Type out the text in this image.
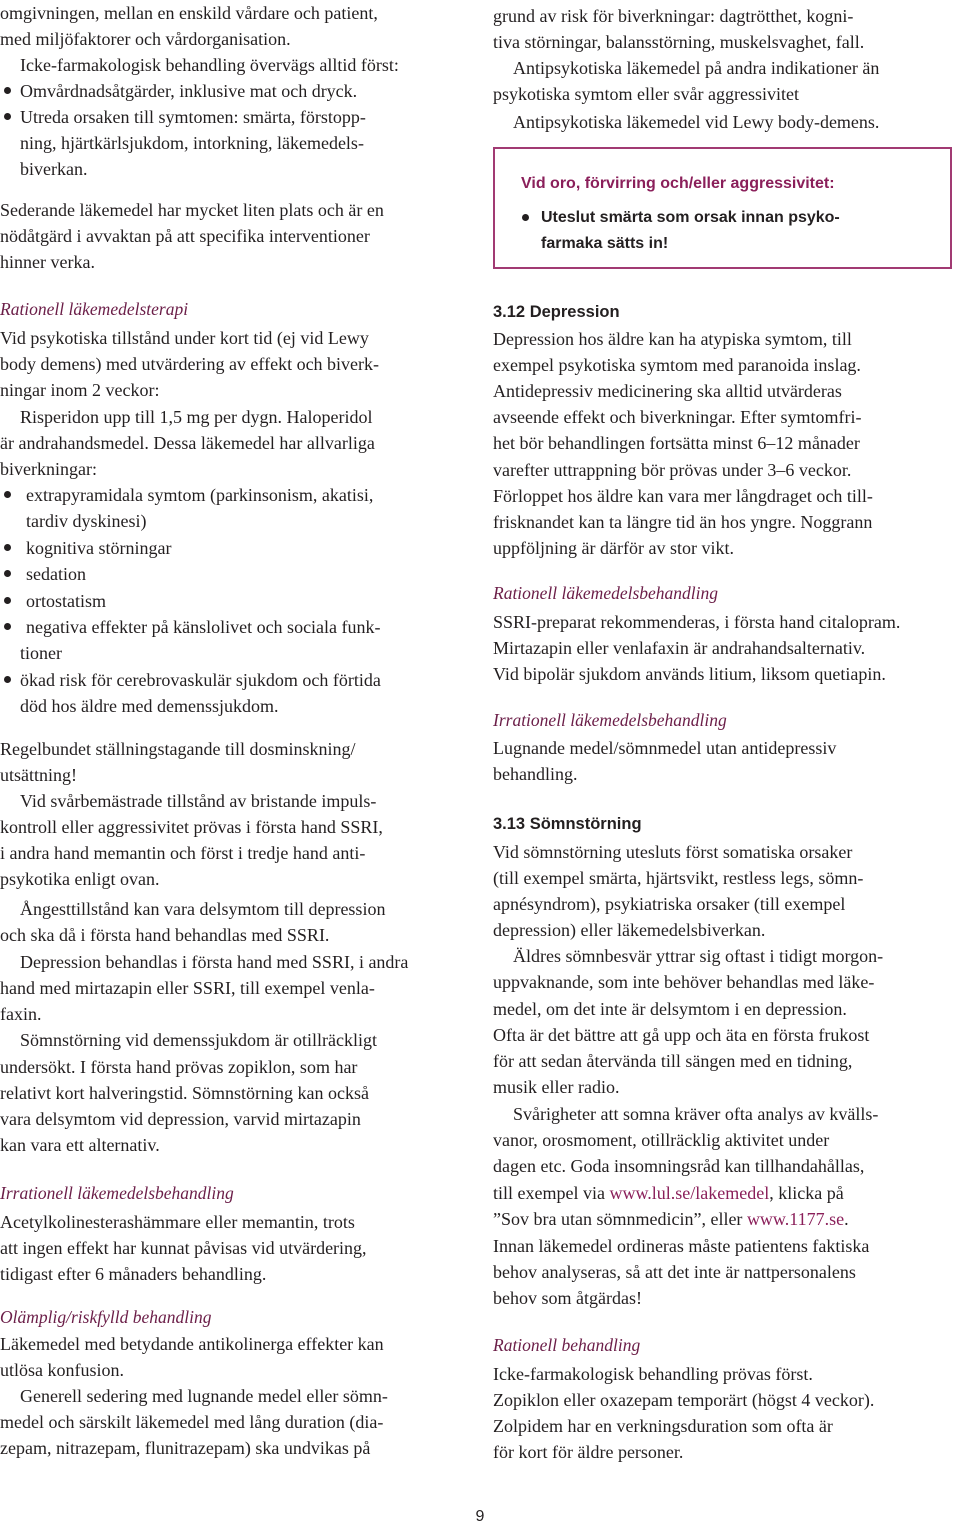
omgivningen, mellan en enskild vårdare och patient,
med miljöfaktorer och vårdorganisation.
Icke-farmakologisk behandling övervägs alltid först:
Omvårdnadsåtgärder, inklusive mat och dryck.
Utreda orsaken till symtomen: smärta, förstopp-
ning, hjärtkärlsjukdom, intorkning, läkemedels-
biverkan.
Sederande läkemedel har mycket liten plats och är en
nödåtgärd i avvaktan på att specifika interventioner
hinner verka.
Rationell läkemedelsterapi
Vid psykotiska tillstånd under kort tid (ej vid Lewy
body demens) med utvärdering av effekt och biverk-
ningar inom 2 veckor:
Risperidon upp till 1,5 mg per dygn. Haloperidol
är andrahandsmedel. Dessa läkemedel har allvarliga
biverkningar:
extrapyramidala symtom (parkinsonism, akatisi,
tardiv dyskinesi)
kognitiva störningar
sedation
ortostatism
negativa effekter på känslolivet och sociala funk-
tioner
ökad risk för cerebrovaskulär sjukdom och förtida
död hos äldre med demenssjukdom.
Regelbundet ställningstagande till dosminskning/
utsättning!
Vid svårbemästrade tillstånd av bristande impuls-
kontroll eller aggressivitet prövas i första hand SSRI,
i andra hand memantin och först i tredje hand anti-
psykotika enligt ovan.
Ångesttillstånd kan vara delsymtom till depression
och ska då i första hand behandlas med SSRI.
Depression behandlas i första hand med SSRI, i andra
hand med mirtazapin eller SSRI, till exempel venla-
faxin.
Sömnstörning vid demenssjukdom är otillräckligt
undersökt. I första hand prövas zopiklon, som har
relativt kort halveringstid. Sömnstörning kan också
vara delsymtom vid depression, varvid mirtazapin
kan vara ett alternativ.
Irrationell läkemedelsbehandling
Acetylkolinesterashämmare eller memantin, trots
att ingen effekt har kunnat påvisas vid utvärdering,
tidigast efter 6 månaders behandling.
Olämplig/riskfylld behandling
Läkemedel med betydande antikolinerga effekter kan
utlösa konfusion.
Generell sedering med lugnande medel eller sömn-
medel och särskilt läkemedel med lång duration (dia-
zepam, nitrazepam, flunitrazepam) ska undvikas på
grund av risk för biverkningar: dagtrötthet, kogni-
tiva störningar, balansstörning, muskelsvaghet, fall.
Antipsykotiska läkemedel på andra indikationer än
psykotiska symtom eller svår aggressivitet
Antipsykotiska läkemedel vid Lewy body-demens.
3.12 Depression
Depression hos äldre kan ha atypiska symtom, till
exempel psykotiska symtom med paranoida inslag.
Antidepressiv medicinering ska alltid utvärderas
avseende effekt och biverkningar. Efter symtomfri-
het bör behandlingen fortsätta minst 6–12 månader
varefter uttrappning bör prövas under 3–6 veckor.
Förloppet hos äldre kan vara mer långdraget och till-
frisknandet kan ta längre tid än hos yngre. Noggrann
uppföljning är därför av stor vikt.
Rationell läkemedelsbehandling
SSRI-preparat rekommenderas, i första hand citalopram.
Mirtazapin eller venlafaxin är andrahandsalternativ.
Vid bipolär sjukdom används litium, liksom quetiapin.
Irrationell läkemedelsbehandling
Lugnande medel/sömnmedel utan antidepressiv
behandling.
3.13 Sömnstörning
Vid sömnstörning utesluts först somatiska orsaker
(till exempel smärta, hjärtsvikt, restless legs, sömn-
apnésyndrom), psykiatriska orsaker (till exempel
depression) eller läkemedelsbiverkan.
Äldres sömnbesvär yttrar sig oftast i tidigt morgon-
uppvaknande, som inte behöver behandlas med läke-
medel, om det inte är delsymtom i en depression.
Ofta är det bättre att gå upp och äta en första frukost
för att sedan återvända till sängen med en tidning,
musik eller radio.
Svårigheter att somna kräver ofta analys av kvälls-
vanor, orosmoment, otillräcklig aktivitet under
dagen etc. Goda insomningsråd kan tillhandahållas,
till exempel via www.lul.se/lakemedel, klicka på
”Sov bra utan sömnmedicin”, eller www.1177.se.
Innan läkemedel ordineras måste patientens faktiska
behov analyseras, så att det inte är nattpersonalens
behov som åtgärdas!
Rationell behandling
Icke-farmakologisk behandling prövas först.
Zopiklon eller oxazepam temporärt (högst 4 veckor).
Zolpidem har en verkningsduration som ofta är
för kort för äldre personer.
Vid oro, förvirring och/eller aggressivitet:
Uteslut smärta som orsak innan psyko-
farmaka sätts in!
9
